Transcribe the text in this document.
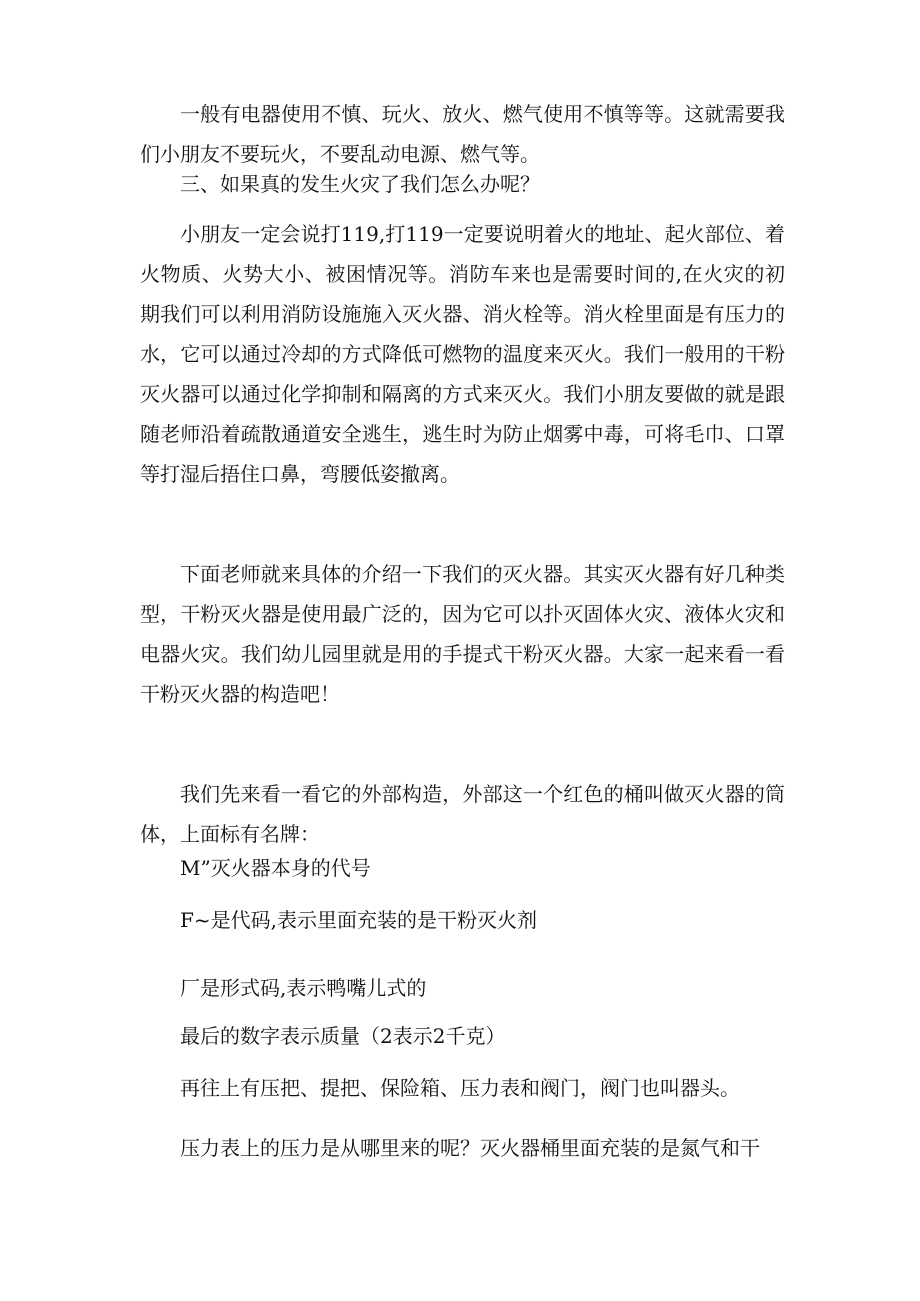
一般有电器使用不慎、玩火、放火、燃气使用不慎等等。这就需要我们小朋友不要玩火，不要乱动电源、燃气等。

三、如果真的发生火灾了我们怎么办呢？

小朋友一定会说打119,打119一定要说明着火的地址、起火部位、着火物质、火势大小、被困情况等。消防车来也是需要时间的,在火灾的初期我们可以利用消防设施施入灭火器、消火栓等。消火栓里面是有压力的水，它可以通过冷却的方式降低可燃物的温度来灭火。我们一般用的干粉灭火器可以通过化学抑制和隔离的方式来灭火。我们小朋友要做的就是跟随老师沿着疏散通道安全逃生，逃生时为防止烟雾中毒，可将毛巾、口罩等打湿后捂住口鼻，弯腰低姿撤离。

下面老师就来具体的介绍一下我们的灭火器。其实灭火器有好几种类型，干粉灭火器是使用最广泛的，因为它可以扑灭固体火灾、液体火灾和电器火灾。我们幼儿园里就是用的手提式干粉灭火器。大家一起来看一看干粉灭火器的构造吧！

我们先来看一看它的外部构造，外部这一个红色的桶叫做灭火器的筒体，上面标有名牌：

M”灭火器本身的代号

F~是代码,表示里面充装的是干粉灭火剂

厂是形式码,表示鸭嘴儿式的

最后的数字表示质量（2表示2千克）

再往上有压把、提把、保险箱、压力表和阀门，阀门也叫器头。

压力表上的压力是从哪里来的呢？灭火器桶里面充装的是氮气和干
